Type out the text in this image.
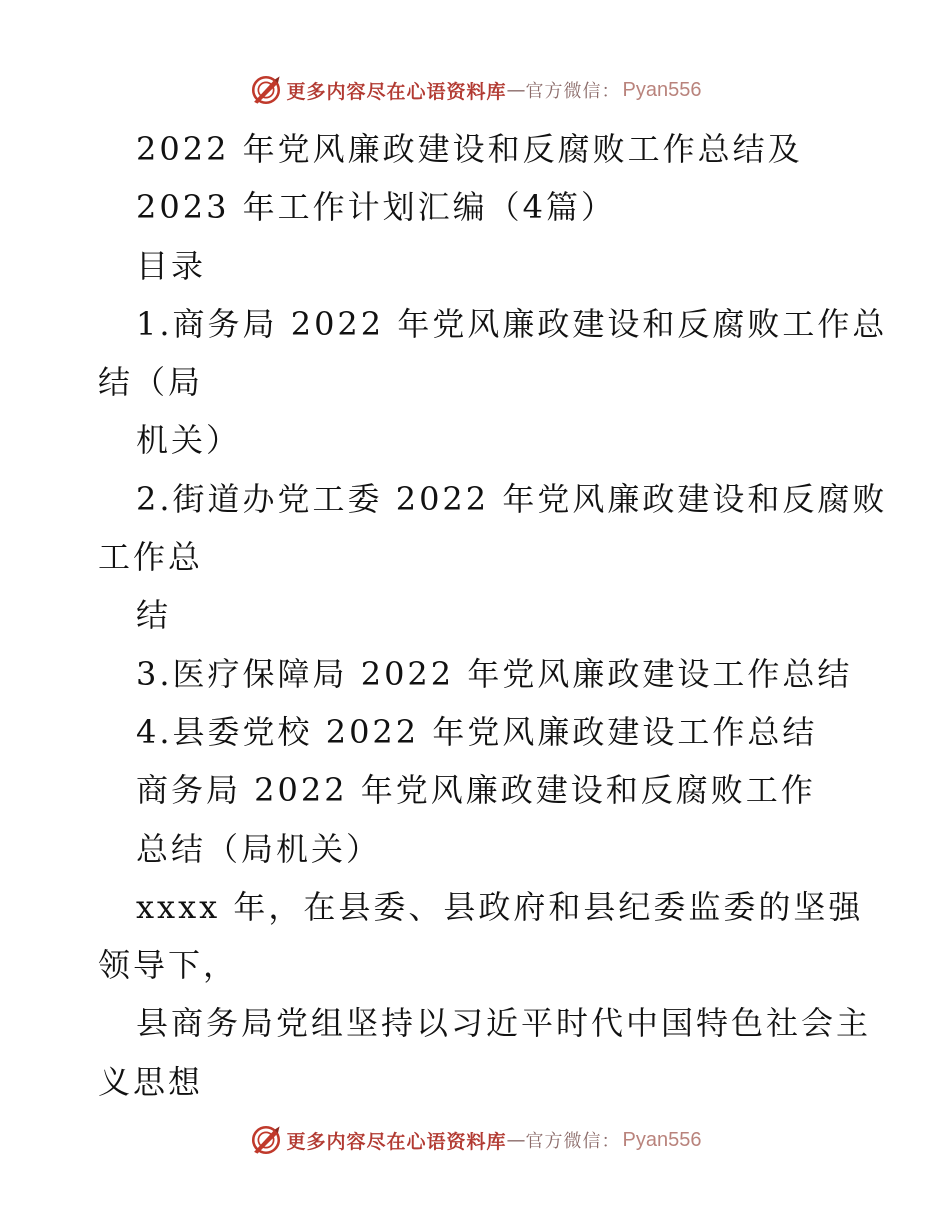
更多内容尽在心语资料库 — 官方微信： Pyan556
2022 年党风廉政建设和反腐败工作总结及
2023 年工作计划汇编（4篇）
目录
1.商务局 2022 年党风廉政建设和反腐败工作总
结（局
机关）
2.街道办党工委 2022 年党风廉政建设和反腐败
工作总
结
3.医疗保障局 2022 年党风廉政建设工作总结
4.县委党校 2022 年党风廉政建设工作总结
商务局 2022 年党风廉政建设和反腐败工作
总结（局机关）
xxxx 年，在县委、县政府和县纪委监委的坚强
领导下，
县商务局党组坚持以习近平时代中国特色社会主
义思想
更多内容尽在心语资料库 — 官方微信： Pyan556
